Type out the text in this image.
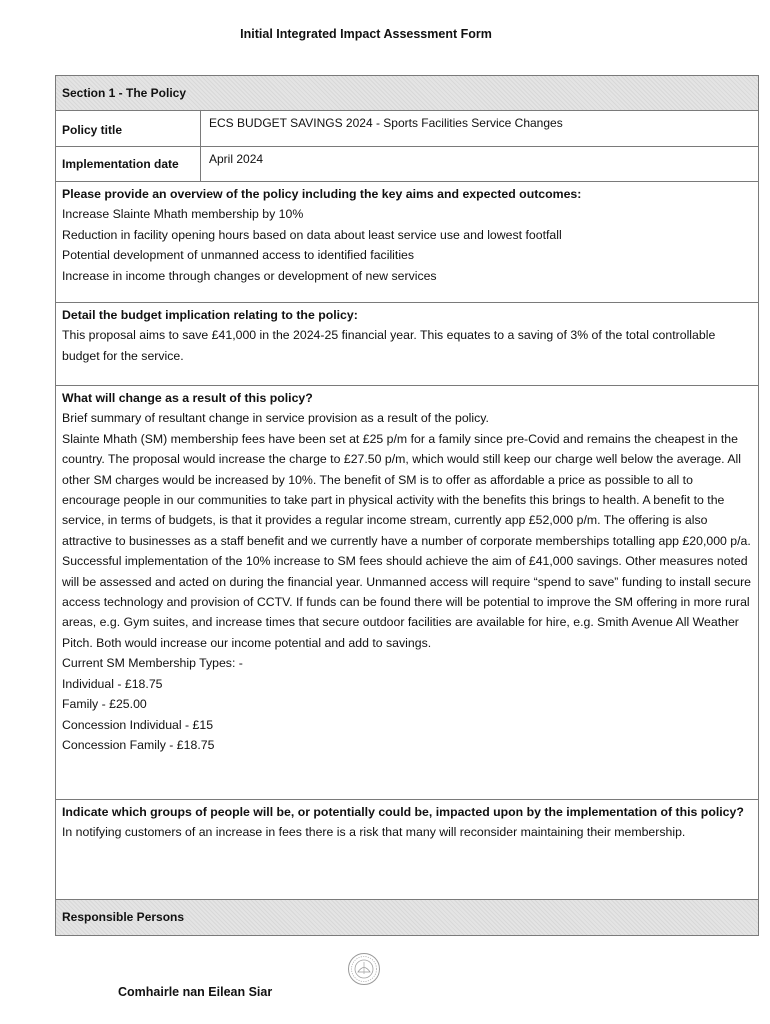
Initial Integrated Impact Assessment Form
Section 1 - The Policy
Policy title	ECS BUDGET SAVINGS 2024 - Sports Facilities Service Changes
Implementation date	April 2024

Please provide an overview of the policy including the key aims and expected outcomes:

Increase Slainte Mhath membership by 10%

Reduction in facility opening hours based on data about least service use and lowest footfall

Potential development of unmanned access to identified facilities

Increase in income through changes or development of new services

Detail the budget implication relating to the policy:

This proposal aims to save £41,000 in the 2024-25 financial year. This equates to a saving of 3% of the total controllable budget for the service.

What will change as a result of this policy?

Brief summary of resultant change in service provision as a result of the policy.

Slainte Mhath (SM) membership fees have been set at £25 p/m for a family since pre-Covid and remains the cheapest in the country. The proposal would increase the charge to £27.50 p/m, which would still keep our charge well below the average. All other SM charges would be increased by 10%. The benefit of SM is to offer as affordable a price as possible to all to encourage people in our communities to take part in physical activity with the benefits this brings to health. A benefit to the service, in terms of budgets, is that it provides a regular income stream, currently app £52,000 p/m. The offering is also attractive to businesses as a staff benefit and we currently have a number of corporate memberships totalling app £20,000 p/a.

Successful implementation of the 10% increase to SM fees should achieve the aim of £41,000 savings. Other measures noted will be assessed and acted on during the financial year. Unmanned access will require “spend to save” funding to install secure access technology and provision of CCTV. If funds can be found there will be potential to improve the SM offering in more rural areas, e.g. Gym suites, and increase times that secure outdoor facilities are available for hire, e.g. Smith Avenue All Weather Pitch. Both would increase our income potential and add to savings.

Current SM Membership Types: -

Individual - £18.75

Family - £25.00

Concession Individual - £15

Concession Family - £18.75

Indicate which groups of people will be, or potentially could be, impacted upon by the implementation of this policy?

In notifying customers of an increase in fees there is a risk that many will reconsider maintaining their membership.

Responsible Persons
Comhairle nan Eilean Siar
